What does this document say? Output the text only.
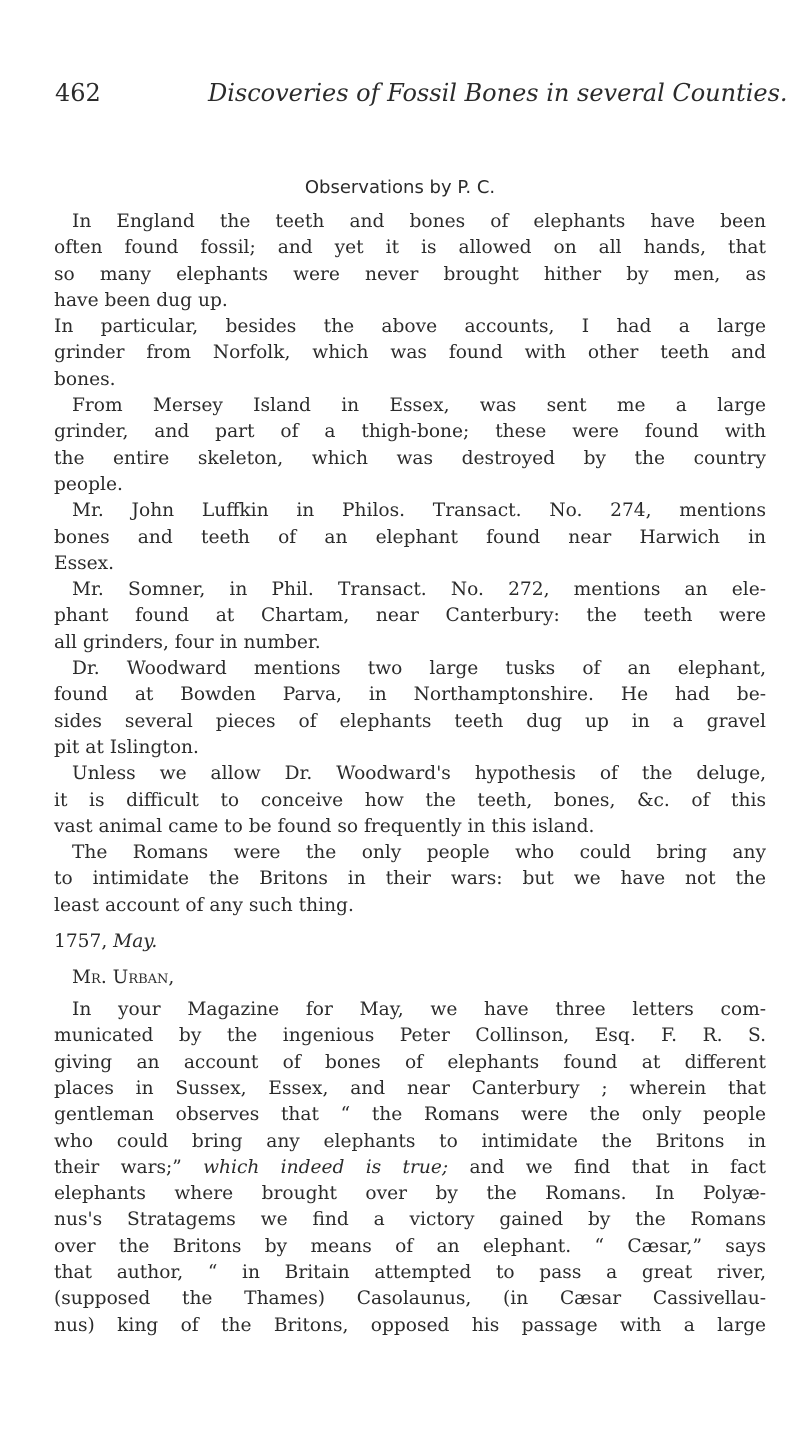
462	Discoveries of Fossil Bones in several Counties.
Observations by P. C.
In England the teeth and bones of elephants have been
often found fossil; and yet it is allowed on all hands, that
so many elephants were never brought hither by men, as
have been dug up.
In particular, besides the above accounts, I had a large
grinder from Norfolk, which was found with other teeth and
bones.
From Mersey Island in Essex, was sent me a large
grinder, and part of a thigh-bone; these were found with
the entire skeleton, which was destroyed by the country
people.
Mr. John Luffkin in Philos. Transact. No. 274, mentions
bones and teeth of an elephant found near Harwich in
Essex.
Mr. Somner, in Phil. Transact. No. 272, mentions an ele-
phant found at Chartam, near Canterbury: the teeth were
all grinders, four in number.
Dr. Woodward mentions two large tusks of an elephant,
found at Bowden Parva, in Northamptonshire. He had be-
sides several pieces of elephants teeth dug up in a gravel
pit at Islington.
Unless we allow Dr. Woodward's hypothesis of the deluge,
it is difficult to conceive how the teeth, bones, &c. of this
vast animal came to be found so frequently in this island.
The Romans were the only people who could bring any
to intimidate the Britons in their wars: but we have not the
least account of any such thing.
1757, May.
Mr. Urban,
In your Magazine for May, we have three letters com-
municated by the ingenious Peter Collinson, Esq. F. R. S.
giving an account of bones of elephants found at different
places in Sussex, Essex, and near Canterbury ; wherein that
gentleman observes that “ the Romans were the only people
who could bring any elephants to intimidate the Britons in
their wars;” which indeed is true; and we find that in fact
elephants where brought over by the Romans. In Polyæ-
nus's Stratagems we find a victory gained by the Romans
over the Britons by means of an elephant. “ Cæsar,” says
that author, “ in Britain attempted to pass a great river,
(supposed the Thames) Casolaunus, (in Cæsar Cassivellau-
nus) king of the Britons, opposed his passage with a large
